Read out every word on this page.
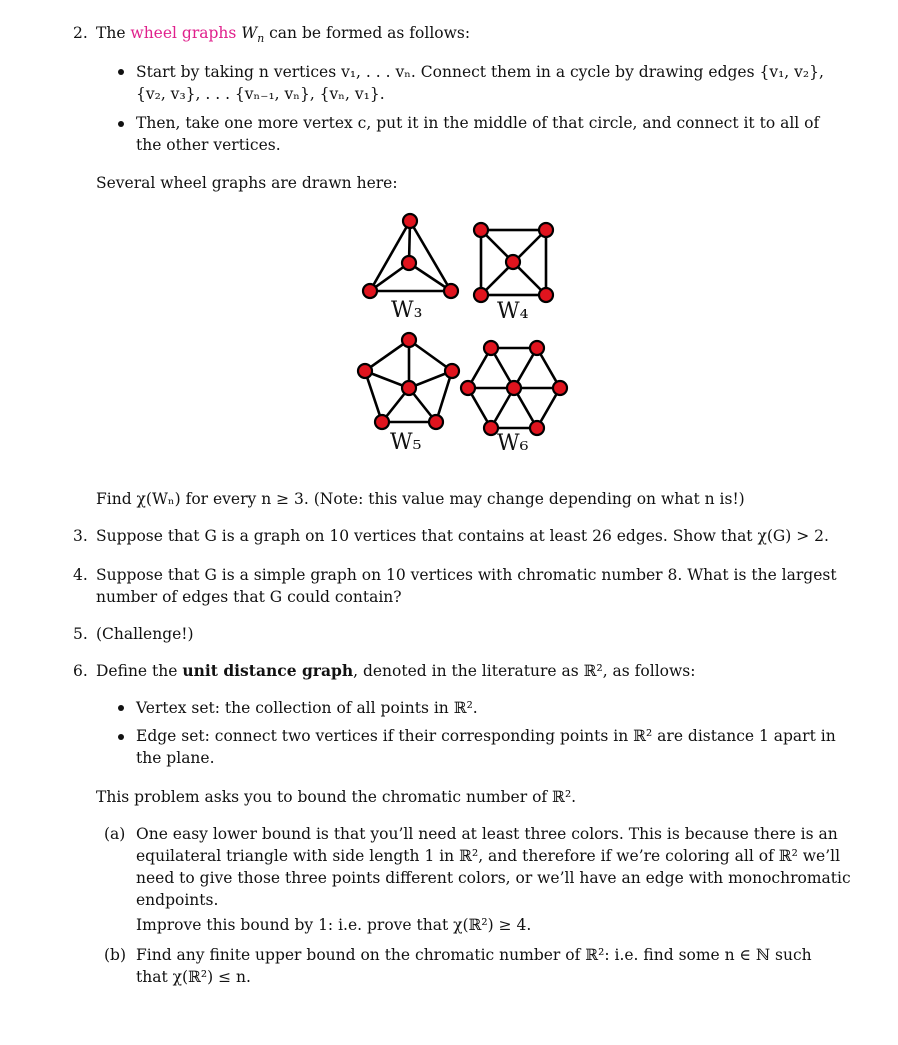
2. The wheel graphs $W_n$ can be formed as follows:
Start by taking n vertices v₁, . . . vₙ. Connect them in a cycle by drawing edges {v₁, v₂},
{v₂, v₃}, . . . {vₙ₋₁, vₙ}, {vₙ, v₁}.
Then, take one more vertex c, put it in the middle of that circle, and connect it to all of
the other vertices.
Several wheel graphs are drawn here:
W₃	W₄
W₅	W₆
Find χ(Wₙ) for every n ≥ 3. (Note: this value may change depending on what n is!)
3. Suppose that G is a graph on 10 vertices that contains at least 26 edges. Show that χ(G) > 2.
4. Suppose that G is a simple graph on 10 vertices with chromatic number 8. What is the largest
number of edges that G could contain?
5. (Challenge!)
6. Define the unit distance graph, denoted in the literature as ℝ², as follows:
Vertex set: the collection of all points in ℝ².
Edge set: connect two vertices if their corresponding points in ℝ² are distance 1 apart in
the plane.
This problem asks you to bound the chromatic number of ℝ².
(a) One easy lower bound is that you’ll need at least three colors. This is because there is an
equilateral triangle with side length 1 in ℝ², and therefore if we’re coloring all of ℝ² we’ll
need to give those three points different colors, or we’ll have an edge with monochromatic
endpoints.
Improve this bound by 1: i.e. prove that χ(ℝ²) ≥ 4.
(b) Find any finite upper bound on the chromatic number of ℝ²: i.e. find some n ∈ ℕ such
that χ(ℝ²) ≤ n.
